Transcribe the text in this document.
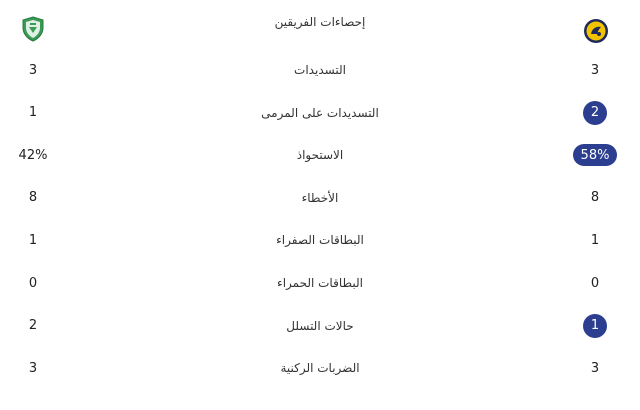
إحصاءات الفريقين
3	التسديدات	3
1	التسديدات على المرمى	2
42%	الاستحواذ	58%
8	الأخطاء	8
1	البطاقات الصفراء	1
0	البطاقات الحمراء	0
2	حالات التسلل	1
3	الضربات الركنية	3
